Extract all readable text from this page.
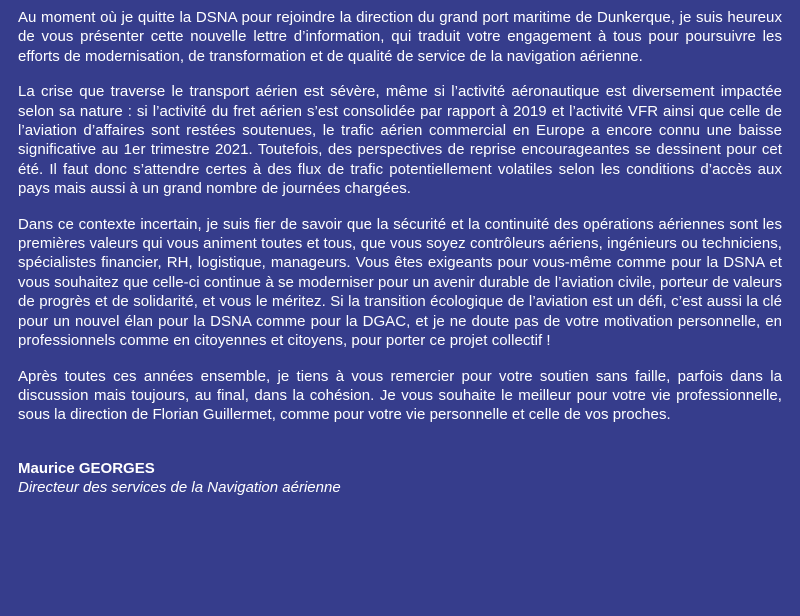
Au moment où je quitte la DSNA pour rejoindre la direction du grand port maritime de Dunkerque, je suis heureux de vous présenter cette nouvelle lettre d’information, qui traduit votre engagement à tous pour poursuivre les efforts de modernisation, de transformation et de qualité de service de la navigation aérienne.

La crise que traverse le transport aérien est sévère, même si l’activité aéronautique est diversement impactée selon sa nature : si l’activité du fret aérien s’est consolidée par rapport à 2019 et l’activité VFR ainsi que celle de l’aviation d’affaires sont restées soutenues, le trafic aérien commercial en Europe a encore connu une baisse significative au 1er trimestre 2021. Toutefois, des perspectives de reprise encourageantes se dessinent pour cet été. Il faut donc s’attendre certes à des flux de trafic potentiellement volatiles selon les conditions d’accès aux pays mais aussi à un grand nombre de journées chargées.

Dans ce contexte incertain, je suis fier de savoir que la sécurité et la continuité des opérations aériennes sont les premières valeurs qui vous animent toutes et tous, que vous soyez contrôleurs aériens, ingénieurs ou techniciens, spécialistes financier, RH, logistique, manageurs. Vous êtes exigeants pour vous-même comme pour la DSNA et vous souhaitez que celle-ci continue à se moderniser pour un avenir durable de l’aviation civile, porteur de valeurs de progrès et de solidarité, et vous le méritez. Si la transition écologique de l’aviation est un défi, c’est aussi la clé pour un nouvel élan pour la DSNA comme pour la DGAC, et je ne doute pas de votre motivation personnelle, en professionnels comme en citoyennes et citoyens, pour porter ce projet collectif !

Après toutes ces années ensemble, je tiens à vous remercier pour votre soutien sans faille, parfois dans la discussion mais toujours, au final, dans la cohésion. Je vous souhaite le meilleur pour votre vie professionnelle, sous la direction de Florian Guillermet, comme pour votre vie personnelle et celle de vos proches.

Maurice GEORGES
Directeur des services de la Navigation aérienne
